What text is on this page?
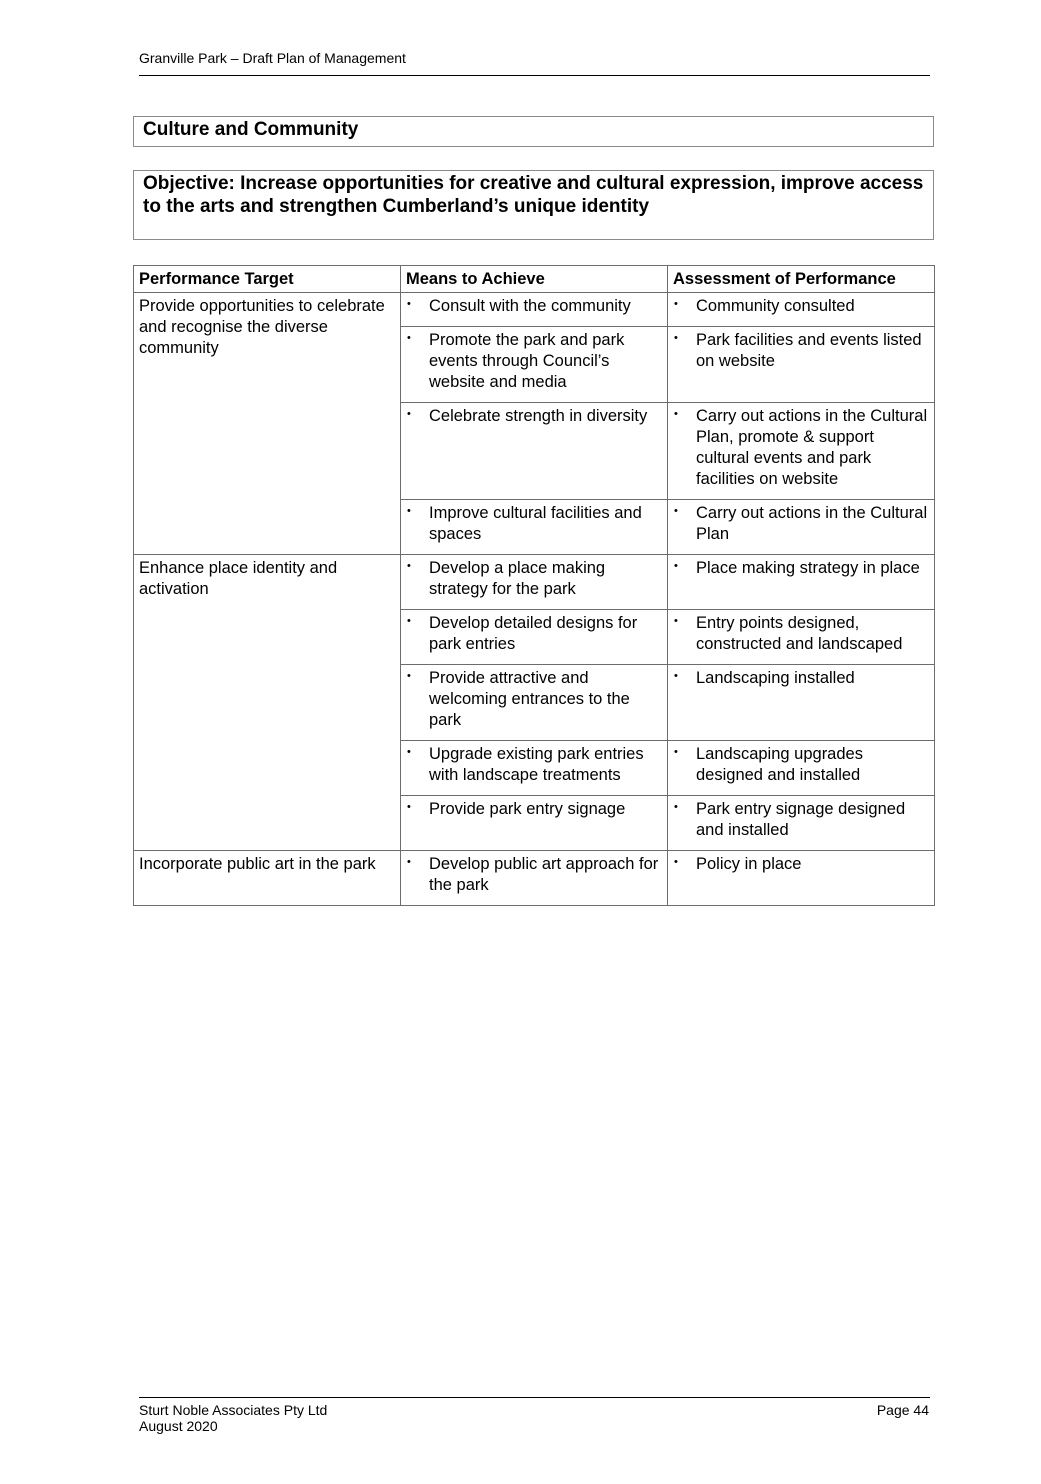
Granville Park – Draft Plan of Management
Culture and Community
Objective: Increase opportunities for creative and cultural expression, improve access to the arts and strengthen Cumberland’s unique identity
Performance Target	Means to Achieve	Assessment of Performance
Provide opportunities to celebrate and recognise the diverse community	• Consult with the community	• Community consulted
	• Promote the park and park events through Council’s website and media	• Park facilities and events listed on website
	• Celebrate strength in diversity	• Carry out actions in the Cultural Plan, promote & support cultural events and park facilities on website
	• Improve cultural facilities and spaces	• Carry out actions in the Cultural Plan
Enhance place identity and activation	• Develop a place making strategy for the park	• Place making strategy in place
	• Develop detailed designs for park entries	• Entry points designed, constructed and landscaped
	• Provide attractive and welcoming entrances to the park	• Landscaping installed
	• Upgrade existing park entries with landscape treatments	• Landscaping upgrades designed and installed
	• Provide park entry signage	• Park entry signage designed and installed
Incorporate public art in the park	• Develop public art approach for the park	• Policy in place
Sturt Noble Associates Pty Ltd
August 2020
Page 44
